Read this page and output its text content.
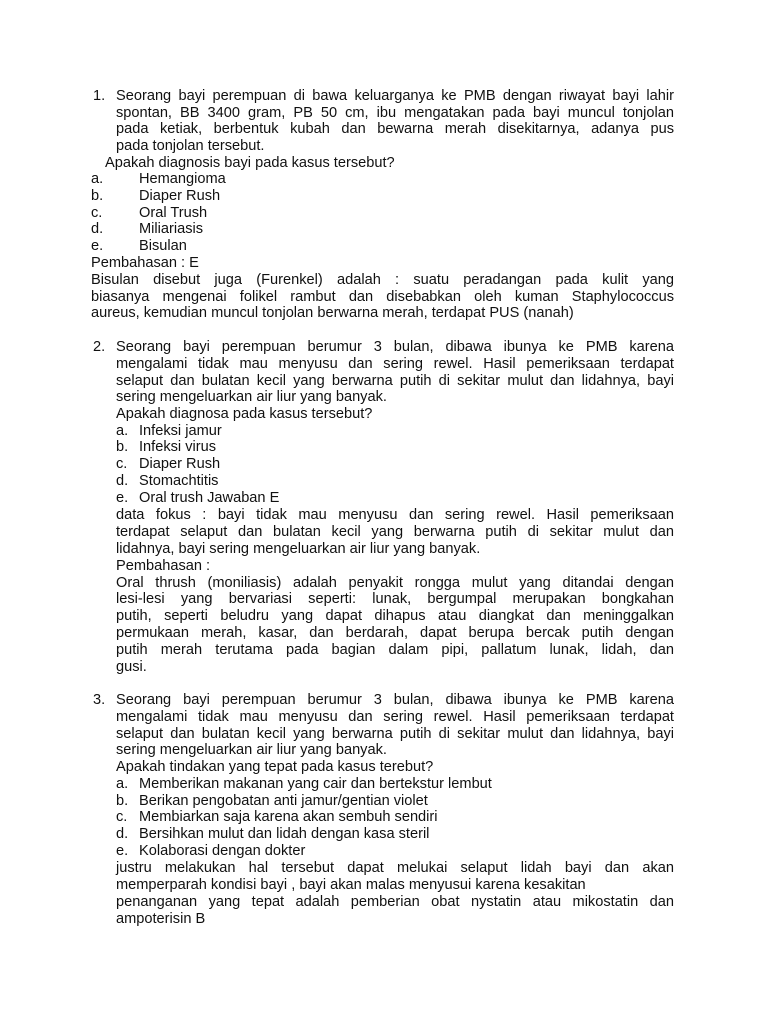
1. Seorang bayi perempuan di bawa keluarganya ke PMB dengan riwayat bayi lahir
spontan, BB 3400 gram, PB 50 cm, ibu mengatakan pada bayi muncul tonjolan
pada ketiak, berbentuk kubah dan bewarna merah disekitarnya, adanya pus
pada tonjolan tersebut.
Apakah diagnosis bayi pada kasus tersebut?
a. Hemangioma
b. Diaper Rush
c.	Oral Trush
d. Miliariasis
e. Bisulan
Pembahasan : E
Bisulan disebut juga (Furenkel) adalah : suatu peradangan pada kulit yang
biasanya mengenai folikel rambut dan disebabkan oleh kuman Staphylococcus
aureus, kemudian muncul tonjolan berwarna merah, terdapat PUS (nanah)
2. Seorang bayi perempuan berumur 3 bulan, dibawa ibunya ke PMB karena
mengalami tidak mau menyusu dan sering rewel. Hasil pemeriksaan terdapat
selaput dan bulatan kecil yang berwarna putih di sekitar mulut dan lidahnya, bayi
sering mengeluarkan air liur yang banyak.
Apakah diagnosa pada kasus tersebut?
a. Infeksi jamur
b. Infeksi virus
c. Diaper Rush
d. Stomachtitis
e. Oral trush Jawaban E
data fokus : bayi tidak mau menyusu dan sering rewel. Hasil pemeriksaan
terdapat selaput dan bulatan kecil yang berwarna putih di sekitar mulut dan
lidahnya, bayi sering mengeluarkan air liur yang banyak.
Pembahasan :
Oral thrush (moniliasis) adalah penyakit rongga mulut yang ditandai dengan
lesi-lesi yang bervariasi seperti: lunak, bergumpal merupakan bongkahan
putih, seperti beludru yang dapat dihapus atau diangkat dan meninggalkan
permukaan merah, kasar, dan berdarah, dapat berupa bercak putih dengan
putih merah terutama pada bagian dalam pipi, pallatum lunak, lidah, dan
gusi.
3. Seorang bayi perempuan berumur 3 bulan, dibawa ibunya ke PMB karena
mengalami tidak mau menyusu dan sering rewel. Hasil pemeriksaan terdapat
selaput dan bulatan kecil yang berwarna putih di sekitar mulut dan lidahnya, bayi
sering mengeluarkan air liur yang banyak.
Apakah tindakan yang tepat pada kasus terebut?
a. Memberikan makanan yang cair dan bertekstur lembut
b. Berikan pengobatan anti jamur/gentian violet
c. Membiarkan saja karena akan sembuh sendiri
d. Bersihkan mulut dan lidah dengan kasa steril
e. Kolaborasi dengan dokter
justru melakukan hal tersebut dapat melukai selaput lidah bayi dan akan
memperparah kondisi bayi , bayi akan malas menyusui karena kesakitan
penanganan yang tepat adalah pemberian obat nystatin atau mikostatin dan
ampoterisin B
